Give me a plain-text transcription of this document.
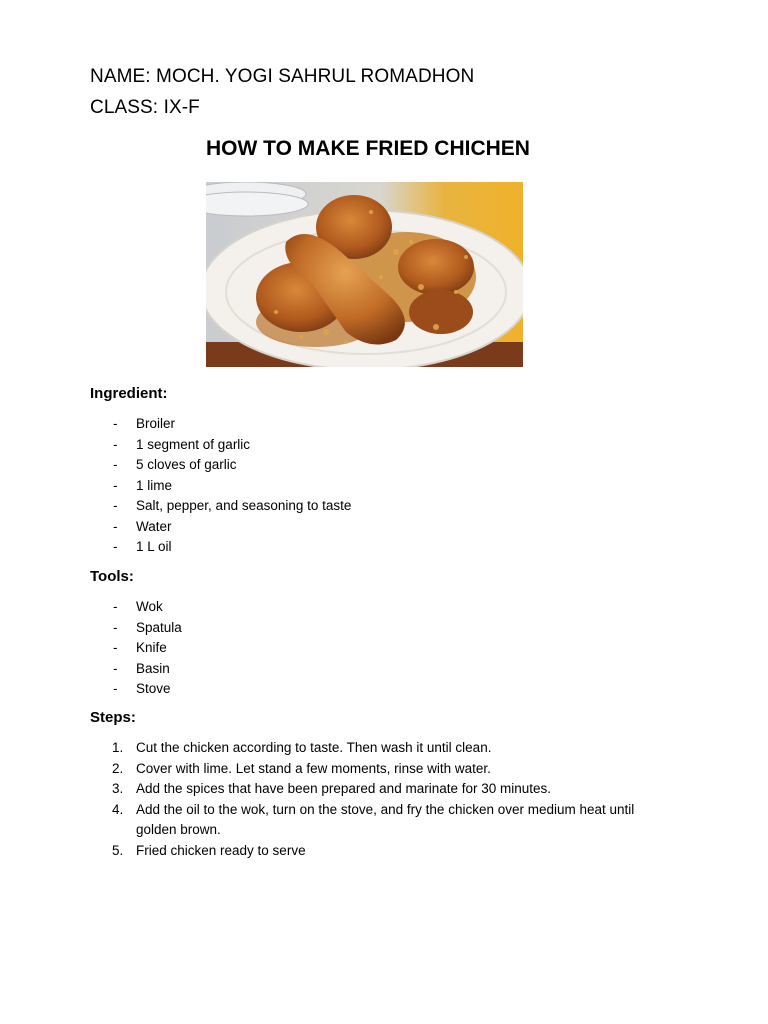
NAME: MOCH. YOGI SAHRUL ROMADHON
CLASS: IX-F
HOW TO MAKE FRIED CHICHEN
Ingredient:
- Broiler
- 1 segment of garlic
- 5 cloves of garlic
- 1 lime
- Salt, pepper, and seasoning to taste
- Water
- 1 L oil
Tools:
- Wok
- Spatula
- Knife
- Basin
- Stove
Steps:
1. Cut the chicken according to taste. Then wash it until clean.
2. Cover with lime. Let stand a few moments, rinse with water.
3. Add the spices that have been prepared and marinate for 30 minutes.
4. Add the oil to the wok, turn on the stove, and fry the chicken over medium heat until golden brown.
5. Fried chicken ready to serve
